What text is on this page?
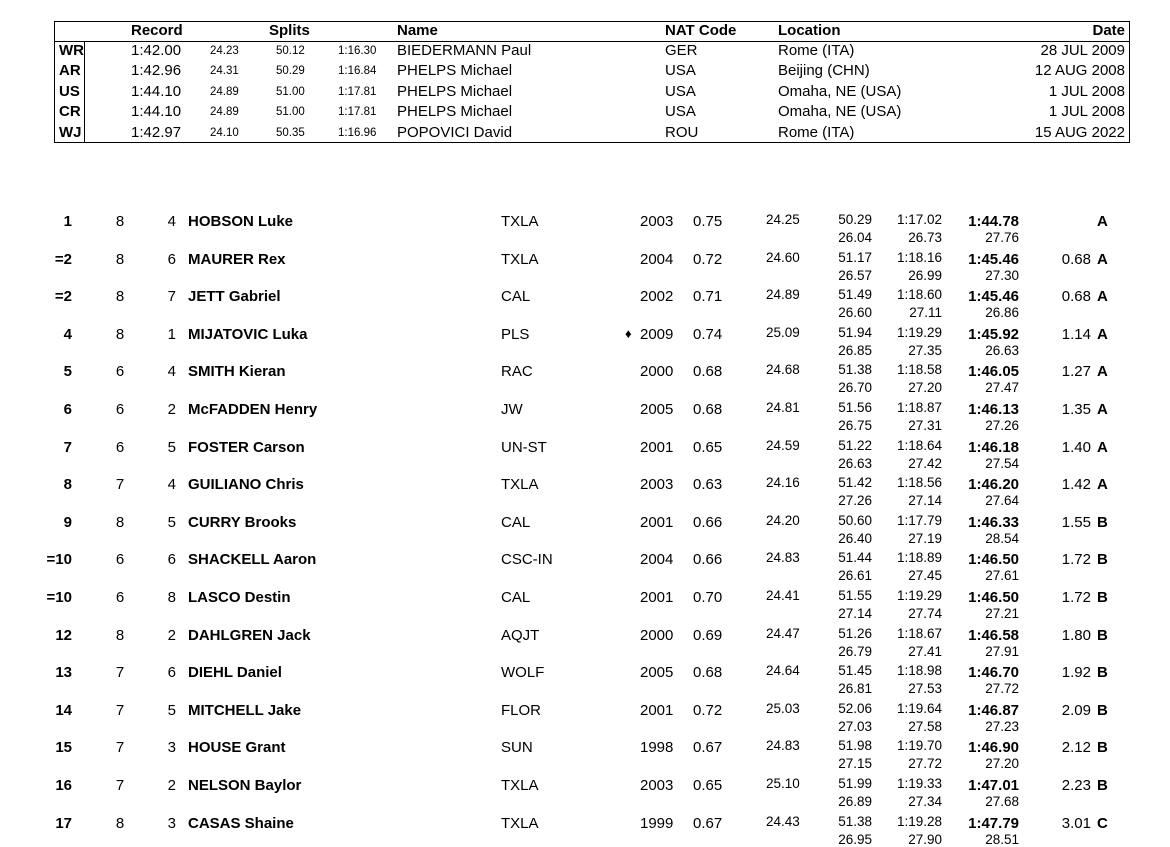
Record	Splits	Name	NAT Code	Location	Date
WR	1:42.00	24.23	50.12	1:16.30 BIEDERMANN Paul	GER	Rome (ITA)	28 JUL 2009
AR	1:42.96	24.31	50.29	1:16.84 PHELPS Michael	USA	Beijing (CHN)	12 AUG 2008
US	1:44.10	24.89	51.00	1:17.81 PHELPS Michael	USA	Omaha, NE (USA)	1 JUL 2008
CR	1:44.10	24.89	51.00	1:17.81 PHELPS Michael	USA	Omaha, NE (USA)	1 JUL 2008
WJ	1:42.97	24.10	50.35	1:16.96 POPOVICI David	ROU	Rome (ITA)	15 AUG 2022
1	8	4 HOBSON Luke	TXLA	2003 0.75	24.25	50.29	1:17.02	1:44.78
26.04	26.73	27.76
A
=2	8	6 MAURER Rex	TXLA	2004 0.72	24.60	51.17	1:18.16	1:45.46
26.57	26.99	27.30
0.68 A
=2	8	7 JETT Gabriel	CAL	2002 0.71	24.89	51.49	1:18.60	1:45.46
26.60	27.11	26.86
0.68 A
4	8	1 MIJATOVIC Luka	PLS	♦ 2009 0.74	25.09	51.94	1:19.29	1:45.92
26.85	27.35	26.63
1.14 A
5	6	4 SMITH Kieran	RAC	2000 0.68	24.68	51.38	1:18.58	1:46.05
26.70	27.20	27.47
1.27 A
6	6	2 McFADDEN Henry	JW	2005 0.68	24.81	51.56	1:18.87	1:46.13
26.75	27.31	27.26
1.35 A
7	6	5 FOSTER Carson	UN-ST	2001 0.65	24.59	51.22	1:18.64	1:46.18
26.63	27.42	27.54
1.40 A
8	7	4 GUILIANO Chris	TXLA	2003 0.63	24.16	51.42	1:18.56	1:46.20
27.26	27.14	27.64
1.42 A
9	8	5 CURRY Brooks	CAL	2001 0.66	24.20	50.60	1:17.79	1:46.33
26.40	27.19	28.54
1.55 B
=10	6	6 SHACKELL Aaron	CSC-IN	2004 0.66	24.83	51.44	1:18.89	1:46.50
26.61	27.45	27.61
1.72 B
=10	6	8 LASCO Destin	CAL	2001 0.70	24.41	51.55	1:19.29	1:46.50
27.14	27.74	27.21
1.72 B
12	8	2 DAHLGREN Jack	AQJT	2000 0.69	24.47	51.26	1:18.67	1:46.58
26.79	27.41	27.91
1.80 B
13	7	6 DIEHL Daniel	WOLF	2005 0.68	24.64	51.45	1:18.98	1:46.70
26.81	27.53	27.72
1.92 B
14	7	5 MITCHELL Jake	FLOR	2001 0.72	25.03	52.06	1:19.64	1:46.87
27.03	27.58	27.23
2.09 B
15	7	3 HOUSE Grant	SUN	1998 0.67	24.83	51.98	1:19.70	1:46.90
27.15	27.72	27.20
2.12 B
16	7	2 NELSON Baylor	TXLA	2003 0.65	25.10	51.99	1:19.33	1:47.01
26.89	27.34	27.68
2.23 B
17	8	3 CASAS Shaine	TXLA	1999 0.67	24.43	51.38	1:19.28	1:47.79
26.95	27.90	28.51
3.01 C
